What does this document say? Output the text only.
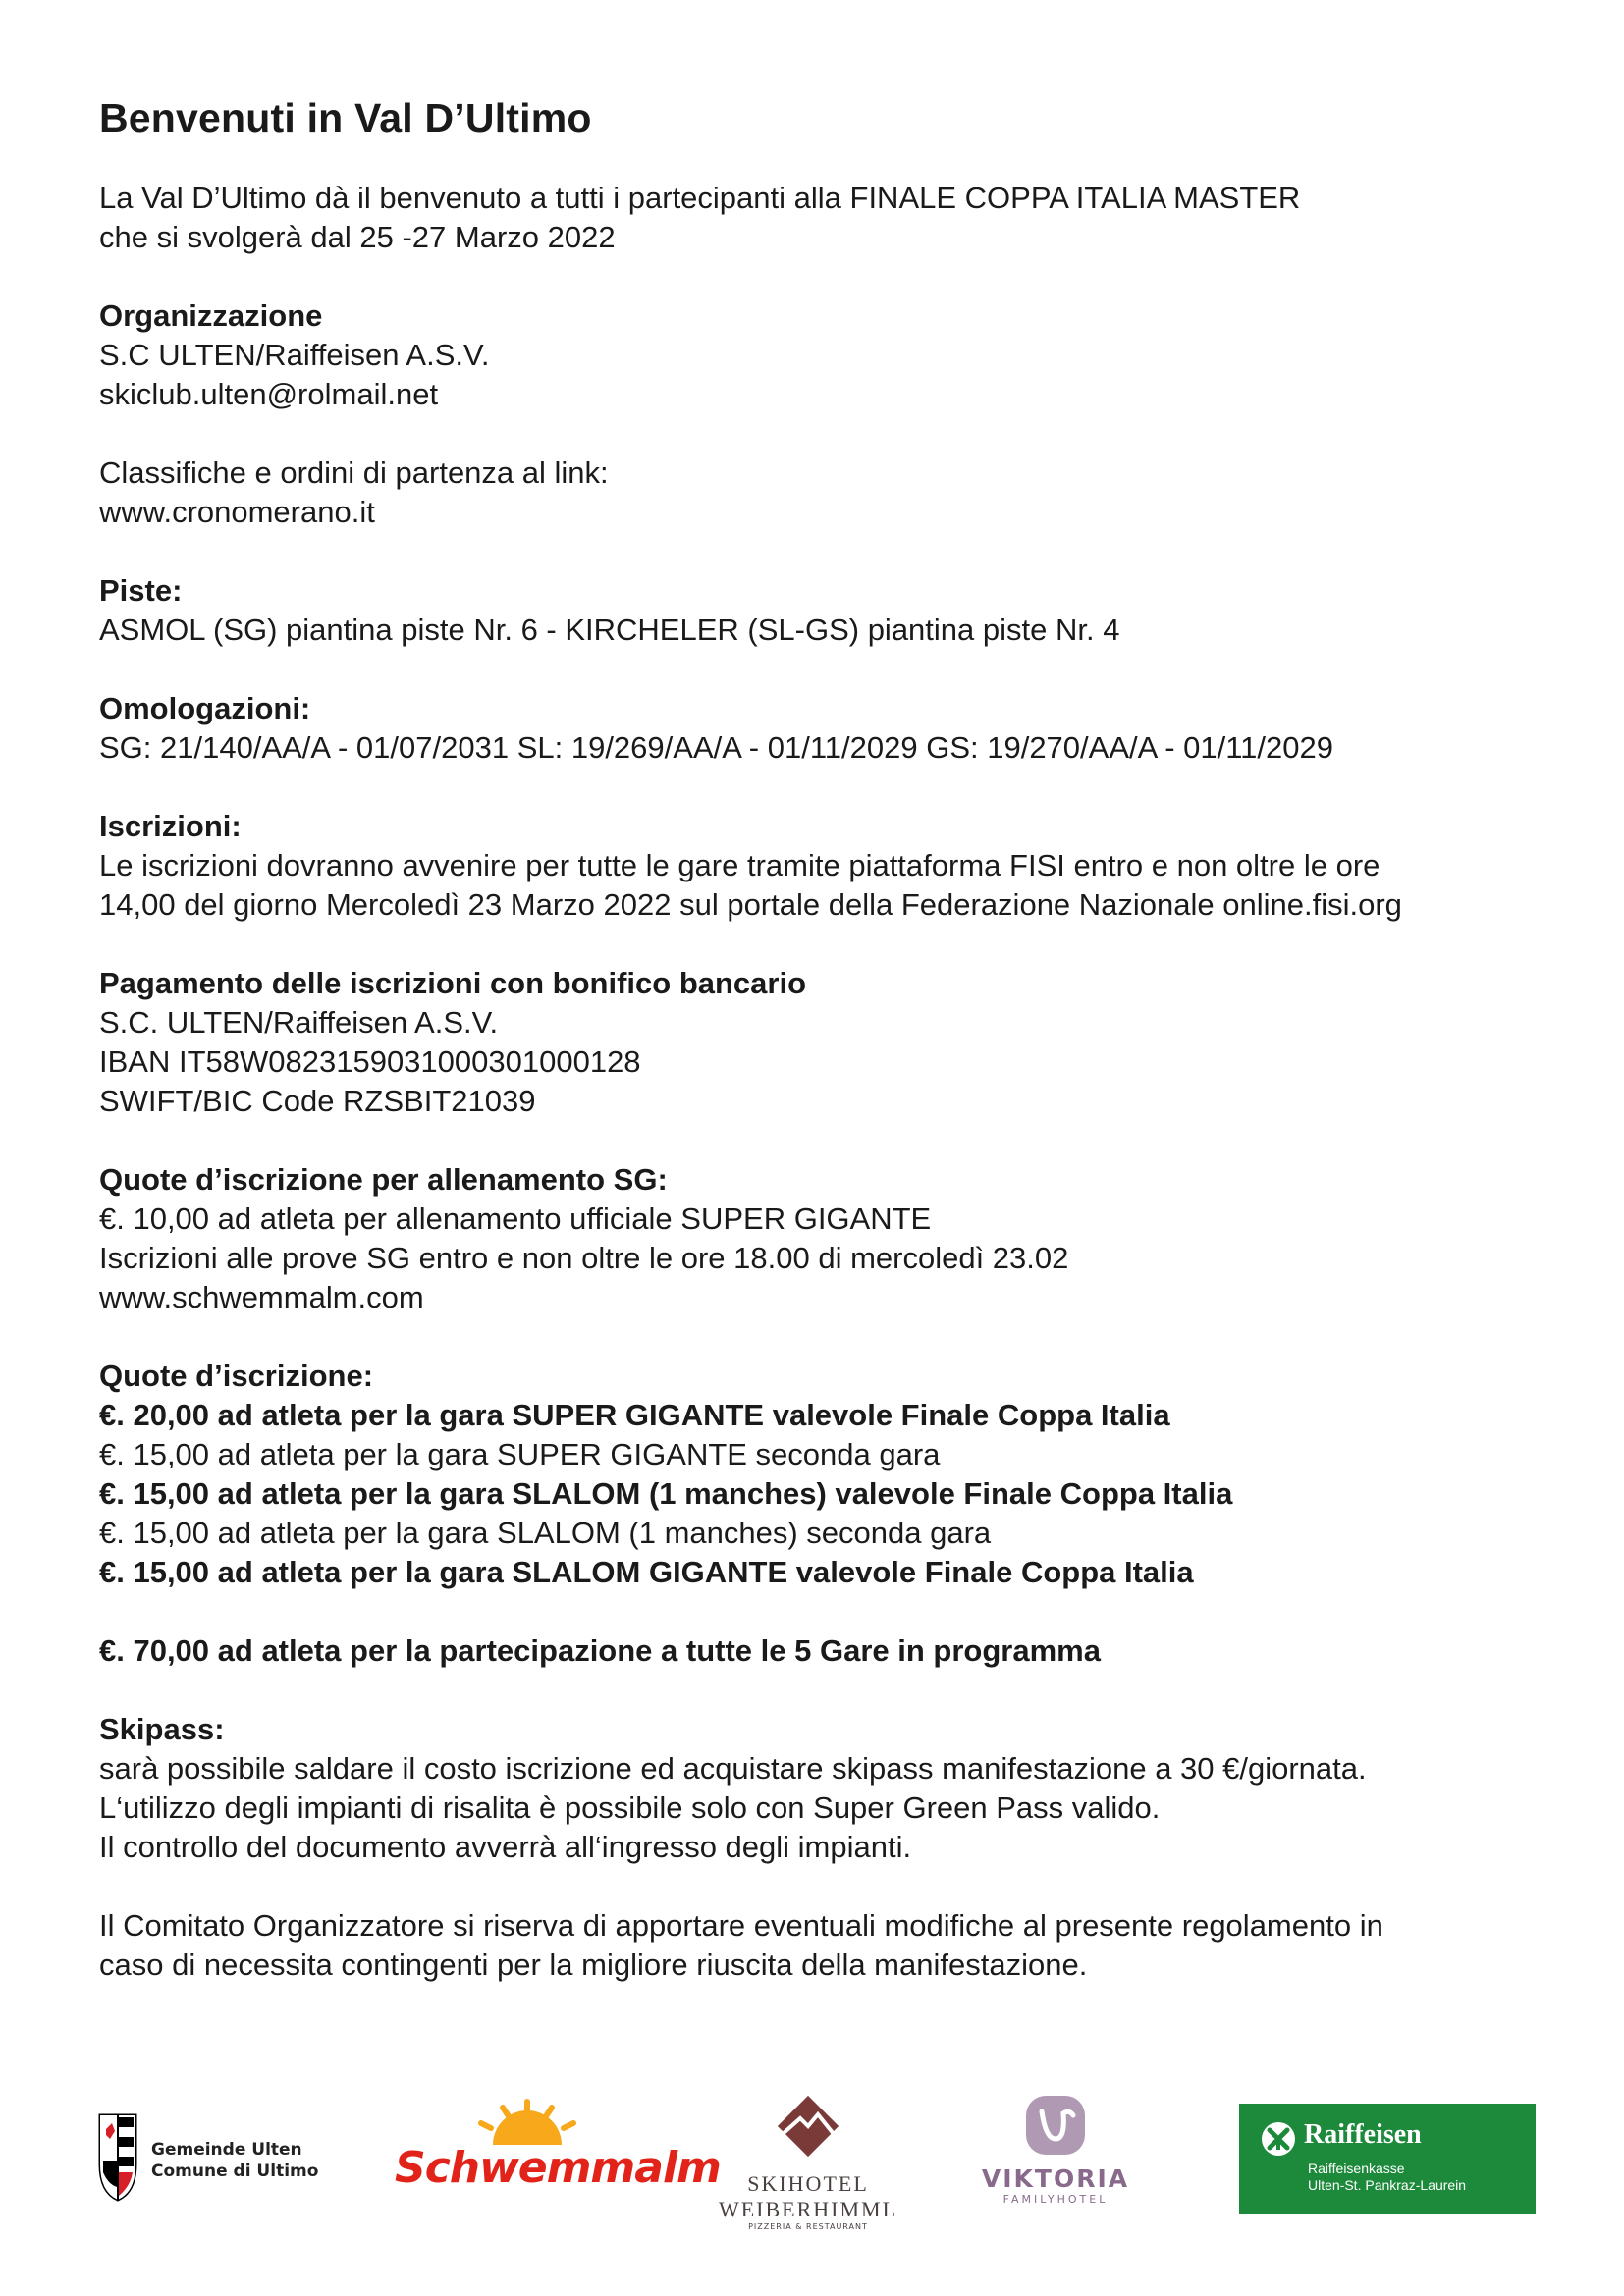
Benvenuti in Val D’Ultimo
La Val D’Ultimo dà il benvenuto a tutti i partecipanti alla FINALE COPPA ITALIA MASTER
che si svolgerà dal 25 -27 Marzo 2022
Organizzazione
S.C ULTEN/Raiffeisen A.S.V.
skiclub.ulten@rolmail.net
Classifiche e ordini di partenza al link:
www.cronomerano.it
Piste:
ASMOL (SG) piantina piste Nr. 6 - KIRCHELER (SL-GS) piantina piste Nr. 4
Omologazioni:
SG: 21/140/AA/A - 01/07/2031 SL: 19/269/AA/A - 01/11/2029 GS: 19/270/AA/A - 01/11/2029
Iscrizioni:
Le iscrizioni dovranno avvenire per tutte le gare tramite piattaforma FISI entro e non oltre le ore
14,00 del giorno Mercoledì 23 Marzo 2022 sul portale della Federazione Nazionale online.fisi.org
Pagamento delle iscrizioni con bonifico bancario
S.C. ULTEN/Raiffeisen A.S.V.
IBAN IT58W0823159031000301000128
SWIFT/BIC Code RZSBIT21039
Quote d’iscrizione per allenamento SG:
€. 10,00 ad atleta per allenamento ufficiale SUPER GIGANTE
Iscrizioni alle prove SG entro e non oltre le ore 18.00 di mercoledì 23.02
www.schwemmalm.com
Quote d’iscrizione:
€. 20,00 ad atleta per la gara SUPER GIGANTE valevole Finale Coppa Italia
€. 15,00 ad atleta per la gara SUPER GIGANTE seconda gara
€. 15,00 ad atleta per la gara SLALOM (1 manches) valevole Finale Coppa Italia
€. 15,00 ad atleta per la gara SLALOM (1 manches) seconda gara
€. 15,00 ad atleta per la gara SLALOM GIGANTE valevole Finale Coppa Italia
€. 70,00 ad atleta per la partecipazione a tutte le 5 Gare in programma
Skipass:
sarà possibile saldare il costo iscrizione ed acquistare skipass manifestazione a 30 €/giornata.
L‘utilizzo degli impianti di risalita è possibile solo con Super Green Pass valido.
Il controllo del documento avverrà all‘ingresso degli impianti.
Il Comitato Organizzatore si riserva di apportare eventuali modifiche al presente regolamento in
caso di necessita contingenti per la migliore riuscita della manifestazione.
Gemeinde Ulten
Comune di Ultimo Schwemmalm	SKIHOTEL
WEIBERHIMML
PIZZERIA & RESTAURANT
VIKTORIA
FAMILYHOTEL
Raiffeisen
Raiffeisenkasse
Ulten-St. Pankraz-Laurein
